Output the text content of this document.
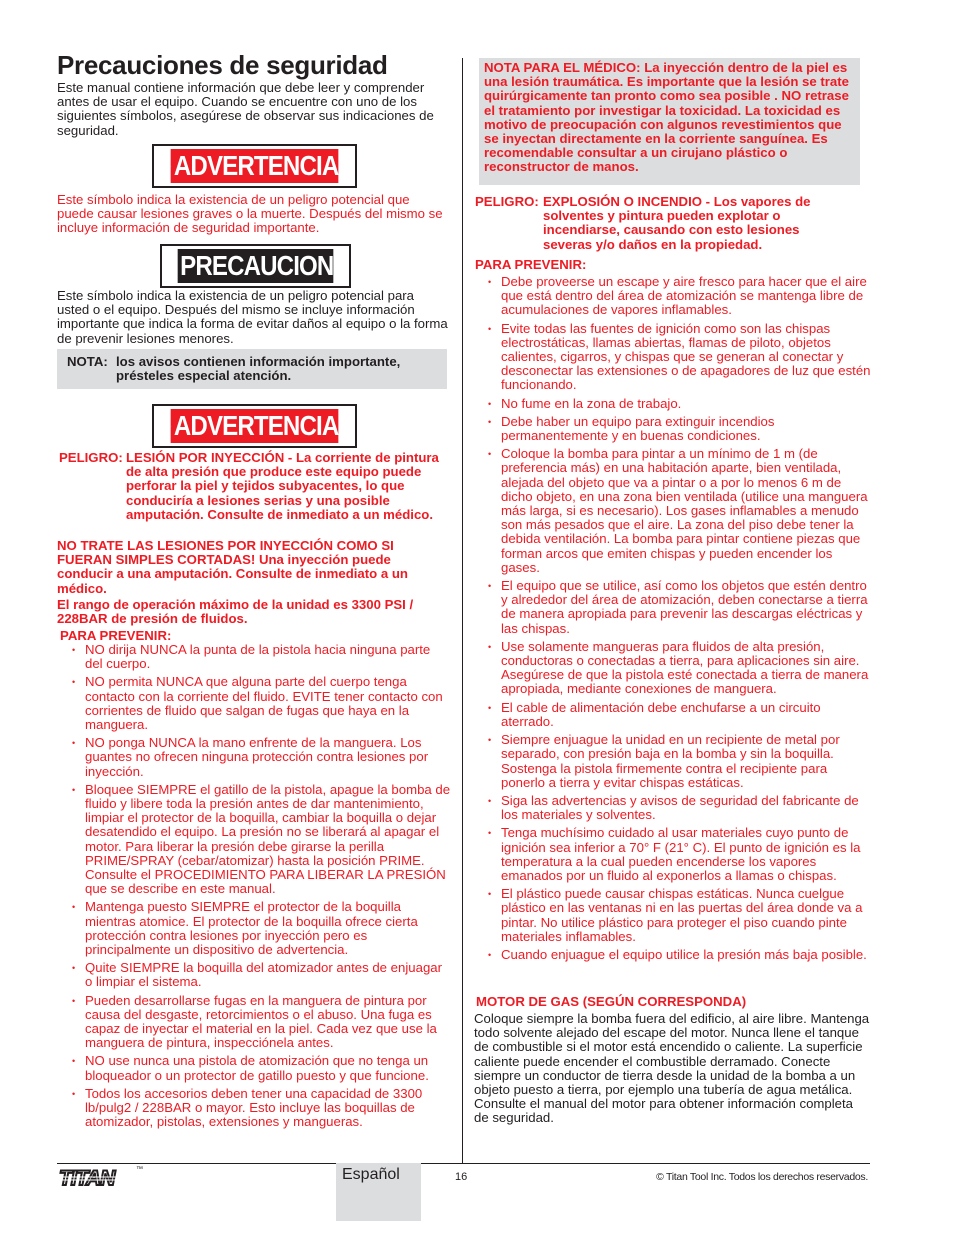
Precauciones de seguridad

Este manual contiene información que debe leer y comprender antes de usar el equipo. Cuando se encuentre con uno de los siguientes símbolos, asegúrese de observar sus indicaciones de seguridad.

ADVERTENCIA

Este símbolo indica la existencia de un peligro potencial que puede causar lesiones graves o la muerte. Después del mismo se incluye información de seguridad importante.

PRECAUCION

Este símbolo indica la existencia de un peligro potencial para usted o el equipo. Después del mismo se incluye información importante que indica la forma de evitar daños al equipo o la forma de prevenir lesiones menores.

NOTA: los avisos contienen información importante, présteles especial atención.
ADVERTENCIA
PELIGRO: LESIÓN POR INYECCIÓN - La corriente de pintura de alta presión que produce este equipo puede perforar la piel y tejidos subyacentes, lo que conduciría a lesiones serias y una posible amputación. Consulte de inmediato a un médico.

NO TRATE LAS LESIONES POR INYECCIÓN COMO SI FUERAN SIMPLES CORTADAS! Una inyección puede conducir a una amputación. Consulte de inmediato a un médico.

El rango de operación máximo de la unidad es 3300 PSI / 228BAR de presión de fluidos.

PARA PREVENIR:

• NO dirija NUNCA la punta de la pistola hacia ninguna parte del cuerpo.
• NO permita NUNCA que alguna parte del cuerpo tenga contacto con la corriente del fluido. EVITE tener contacto con corrientes de fluido que salgan de fugas que haya en la manguera.
• NO ponga NUNCA la mano enfrente de la manguera. Los guantes no ofrecen ninguna protección contra lesiones por inyección.
• Bloquee SIEMPRE el gatillo de la pistola, apague la bomba de fluido y libere toda la presión antes de dar mantenimiento, limpiar el protector de la boquilla, cambiar la boquilla o dejar desatendido el equipo. La presión no se liberará al apagar el motor. Para liberar la presión debe girarse la perilla PRIME/SPRAY (cebar/atomizar) hasta la posición PRIME. Consulte el PROCEDIMIENTO PARA LIBERAR LA PRESIÓN que se describe en este manual.
• Mantenga puesto SIEMPRE el protector de la boquilla mientras atomice. El protector de la boquilla ofrece cierta protección contra lesiones por inyección pero es principalmente un dispositivo de advertencia.
• Quite SIEMPRE la boquilla del atomizador antes de enjuagar o limpiar el sistema.
• Pueden desarrollarse fugas en la manguera de pintura por causa del desgaste, retorcimientos o el abuso. Una fuga es capaz de inyectar el material en la piel. Cada vez que use la manguera de pintura, inspecciónela antes.
• NO use nunca una pistola de atomización que no tenga un bloqueador o un protector de gatillo puesto y que funcione.
• Todos los accesorios deben tener una capacidad de 3300 lb/pulg2 / 228BAR o mayor. Esto incluye las boquillas de atomizador, pistolas, extensiones y mangueras.

NOTA PARA EL MÉDICO: La inyección dentro de la piel es una lesión traumática. Es importante que la lesión se trate quirúrgicamente tan pronto como sea posible . NO retrase el tratamiento por investigar la toxicidad. La toxicidad es motivo de preocupación con algunos revestimientos que se inyectan directamente en la corriente sanguínea. Es recomendable consultar a un cirujano plástico o reconstructor de manos.

PELIGRO: EXPLOSIÓN O INCENDIO - Los vapores de solventes y pintura pueden explotar o incendiarse, causando con esto lesiones severas y/o daños en la propiedad.

PARA PREVENIR:

• Debe proveerse un escape y aire fresco para hacer que el aire que está dentro del área de atomización se mantenga libre de acumulaciones de vapores inflamables.
• Evite todas las fuentes de ignición como son las chispas electrostáticas, llamas abiertas, flamas de piloto, objetos calientes, cigarros, y chispas que se generan al conectar y desconectar las extensiones o de apagadores de luz que estén funcionando.
• No fume en la zona de trabajo.
• Debe haber un equipo para extinguir incendios permanentemente y en buenas condiciones.
• Coloque la bomba para pintar a un mínimo de 1 m (de preferencia más) en una habitación aparte, bien ventilada, alejada del objeto que va a pintar o a por lo menos 6 m de dicho objeto, en una zona bien ventilada (utilice una manguera más larga, si es necesario). Los gases inflamables a menudo son más pesados que el aire. La zona del piso debe tener la debida ventilación. La bomba para pintar contiene piezas que forman arcos que emiten chispas y pueden encender los gases.
• El equipo que se utilice, así como los objetos que estén dentro y alrededor del área de atomización, deben conectarse a tierra de manera apropiada para prevenir las descargas eléctricas y las chispas.
• Use solamente mangueras para fluidos de alta presión, conductoras o conectadas a tierra, para aplicaciones sin aire. Asegúrese de que la pistola esté conectada a tierra de manera apropiada, mediante conexiones de manguera.
• El cable de alimentación debe enchufarse a un circuito aterrado.
• Siempre enjuague la unidad en un recipiente de metal por separado, con presión baja en la bomba y sin la boquilla. Sostenga la pistola firmemente contra el recipiente para ponerlo a tierra y evitar chispas estáticas.
• Siga las advertencias y avisos de seguridad del fabricante de los materiales y solventes.
• Tenga muchísimo cuidado al usar materiales cuyo punto de ignición sea inferior a 70° F (21° C). El punto de ignición es la temperatura a la cual pueden encenderse los vapores emanados por un fluido al exponerlos a llamas o chispas.
• El plástico puede causar chispas estáticas. Nunca cuelgue plástico en las ventanas ni en las puertas del área donde va a pintar. No utilice plástico para proteger el piso cuando pinte materiales inflamables.
• Cuando enjuague el equipo utilice la presión más baja posible.

MOTOR DE GAS (SEGÚN CORRESPONDA)

Coloque siempre la bomba fuera del edificio, al aire libre. Mantenga todo solvente alejado del escape del motor. Nunca llene el tanque de combustible si el motor está encendido o caliente. La superficie caliente puede encender el combustible derramado. Conecte siempre un conductor de tierra desde la unidad de la bomba a un objeto puesto a tierra, por ejemplo una tubería de agua metálica. Consulte el manual del motor para obtener información completa de seguridad.

TITAN	™	Español	16	© Titan Tool Inc. Todos los derechos reservados.
